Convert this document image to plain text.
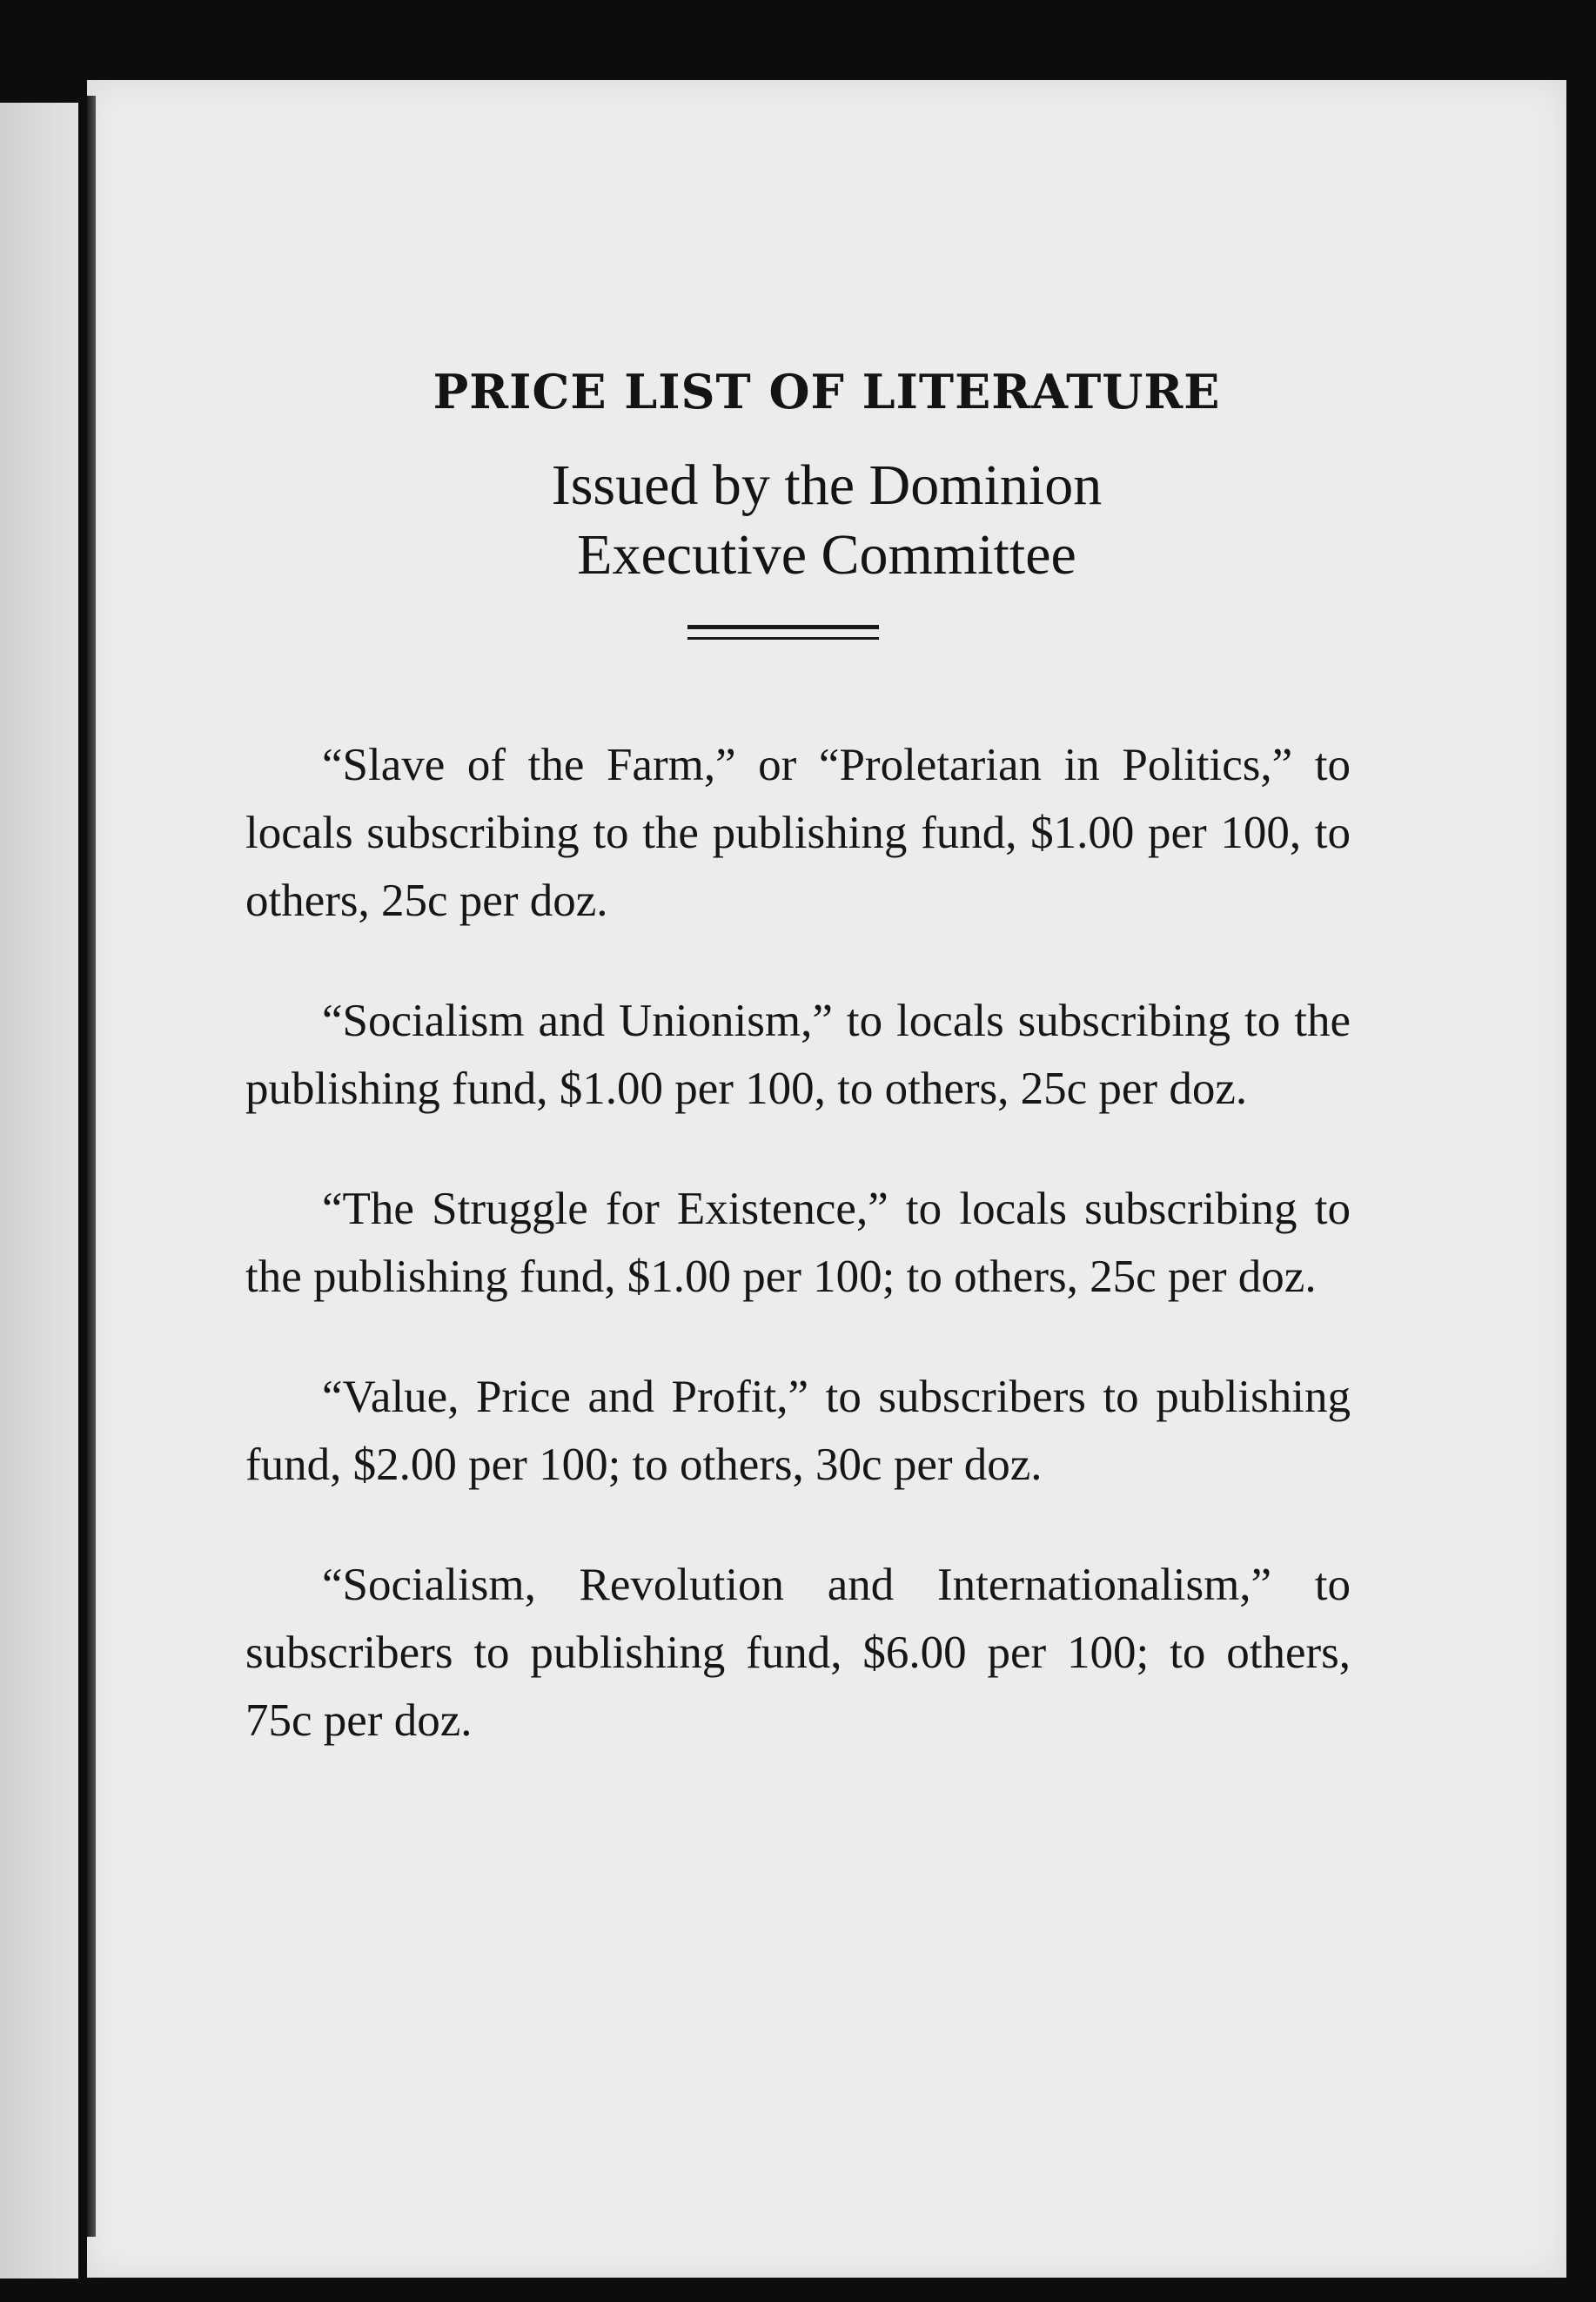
PRICE LIST OF LITERATURE
Issued by the Dominion
Executive Committee

“Slave of the Farm,” or “Proletarian in Politics,” to locals subscribing to the publishing fund, $1.00 per 100, to others, 25c per doz.

“Socialism and Unionism,” to locals subscribing to the publishing fund, $1.00 per 100, to others, 25c per doz.

“The Struggle for Existence,” to locals subscribing to the publishing fund, $1.00 per 100; to others, 25c per doz.

“Value, Price and Profit,” to subscribers to publishing fund, $2.00 per 100; to others, 30c per doz.

“Socialism, Revolution and Internationalism,” to subscribers to publishing fund, $6.00 per 100; to others, 75c per doz.
